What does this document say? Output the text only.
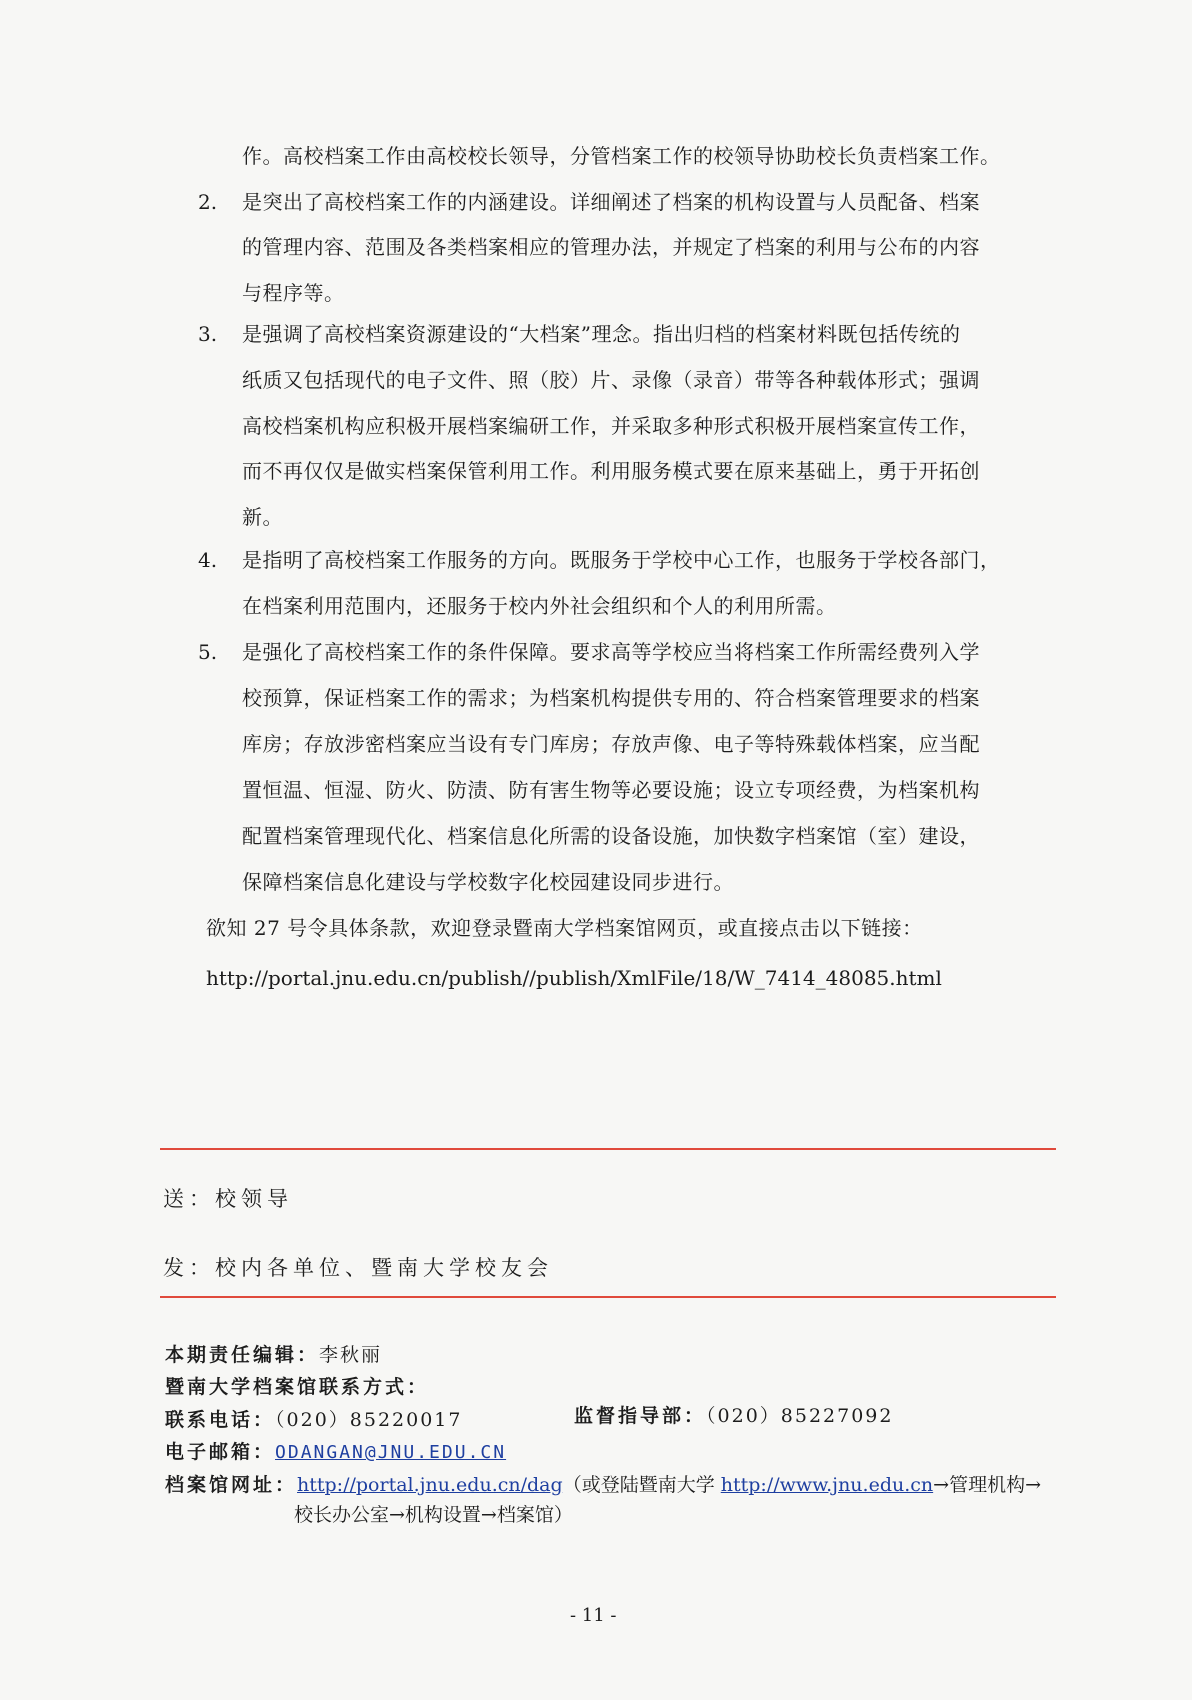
作。高校档案工作由高校校长领导，分管档案工作的校领导协助校长负责档案工作。
2.	是突出了高校档案工作的内涵建设。详细阐述了档案的机构设置与人员配备、档案
的管理内容、范围及各类档案相应的管理办法，并规定了档案的利用与公布的内容
与程序等。
3.	是强调了高校档案资源建设的“大档案”理念。指出归档的档案材料既包括传统的
纸质又包括现代的电子文件、照（胶）片、录像（录音）带等各种载体形式；强调
高校档案机构应积极开展档案编研工作，并采取多种形式积极开展档案宣传工作，
而不再仅仅是做实档案保管利用工作。利用服务模式要在原来基础上，勇于开拓创
新。
4.	是指明了高校档案工作服务的方向。既服务于学校中心工作，也服务于学校各部门，
在档案利用范围内，还服务于校内外社会组织和个人的利用所需。
5.	是强化了高校档案工作的条件保障。要求高等学校应当将档案工作所需经费列入学
校预算，保证档案工作的需求；为档案机构提供专用的、符合档案管理要求的档案
库房；存放涉密档案应当设有专门库房；存放声像、电子等特殊载体档案，应当配
置恒温、恒湿、防火、防渍、防有害生物等必要设施；设立专项经费，为档案机构
配置档案管理现代化、档案信息化所需的设备设施，加快数字档案馆（室）建设，
保障档案信息化建设与学校数字化校园建设同步进行。
欲知 27 号令具体条款，欢迎登录暨南大学档案馆网页，或直接点击以下链接：
http://portal.jnu.edu.cn/publish//publish/XmlFile/18/W_7414_48085.html
送：校领导
发：校内各单位、暨南大学校友会
本期责任编辑：李秋丽
暨南大学档案馆联系方式：
联系电话：（020）85220017	监督指导部：（020）85227092
电子邮箱：ODANGAN@JNU.EDU.CN
档案馆网址：http://portal.jnu.edu.cn/dag（或登陆暨南大学 http://www.jnu.edu.cn→管理机构→
校长办公室→机构设置→档案馆）
- 11 -
